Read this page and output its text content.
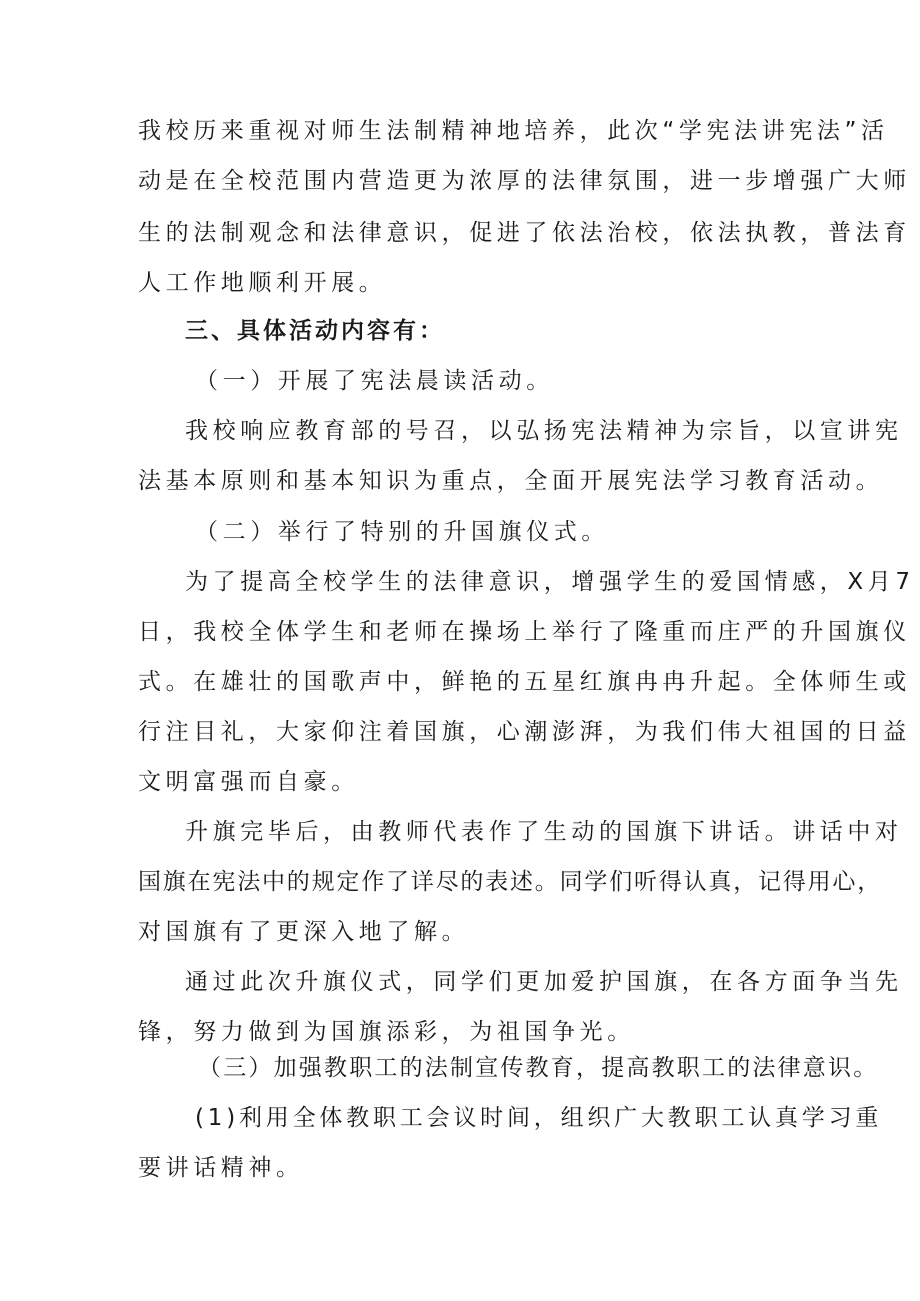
我校历来重视对师生法制精神地培养，此次“学宪法讲宪法”活
动是在全校范围内营造更为浓厚的法律氛围，进一步增强广大师
生的法制观念和法律意识，促进了依法治校，依法执教，普法育
人工作地顺利开展。
三、具体活动内容有：
（一）开展了宪法晨读活动。
我校响应教育部的号召，以弘扬宪法精神为宗旨，以宣讲宪
法基本原则和基本知识为重点，全面开展宪法学习教育活动。
（二）举行了特别的升国旗仪式。
为了提高全校学生的法律意识，增强学生的爱国情感，X月7
日，我校全体学生和老师在操场上举行了隆重而庄严的升国旗仪
式。在雄壮的国歌声中，鲜艳的五星红旗冉冉升起。全体师生或
行注目礼，大家仰注着国旗，心潮澎湃，为我们伟大祖国的日益
文明富强而自豪。
升旗完毕后，由教师代表作了生动的国旗下讲话。讲话中对
国旗在宪法中的规定作了详尽的表述。同学们听得认真，记得用心，
对国旗有了更深入地了解。
通过此次升旗仪式，同学们更加爱护国旗，在各方面争当先
锋，努力做到为国旗添彩，为祖国争光。
（三）加强教职工的法制宣传教育，提高教职工的法律意识。
(1)利用全体教职工会议时间，组织广大教职工认真学习重
要讲话精神。
